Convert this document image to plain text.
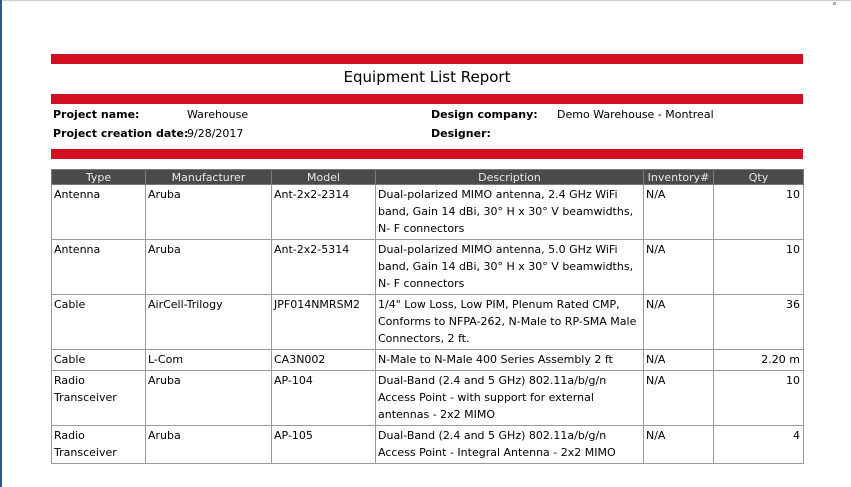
Equipment List Report
Project name:	Warehouse
Project creation date:
9/28/2017
Design company: Demo Warehouse - Montreal
Designer:
Type	Manufacturer	Model	Description	Inventory#	Qty
Antenna	Aruba	Ant-2x2-2314	Dual-polarized MIMO antenna, 2.4 GHz WiFi band, Gain 14 dBi, 30° H x 30° V beamwidths, N- F connectors	N/A	10
Antenna	Aruba	Ant-2x2-5314	Dual-polarized MIMO antenna, 5.0 GHz WiFi band, Gain 14 dBi, 30° H x 30° V beamwidths, N- F connectors	N/A	10
Cable	AirCell-Trilogy	JPF014NMRSM2	1/4" Low Loss, Low PIM, Plenum Rated CMP, Conforms to NFPA-262, N-Male to RP-SMA Male Connectors, 2 ft.	N/A	36
Cable	L-Com	CA3N002	N-Male to N-Male 400 Series Assembly 2 ft	N/A	2.20 m
Radio Transceiver	Aruba	AP-104	Dual-Band (2.4 and 5 GHz) 802.11a/b/g/n Access Point - with support for external antennas - 2x2 MIMO	N/A	10
Radio Transceiver	Aruba	AP-105	Dual-Band (2.4 and 5 GHz) 802.11a/b/g/n Access Point - Integral Antenna - 2x2 MIMO	N/A	4
